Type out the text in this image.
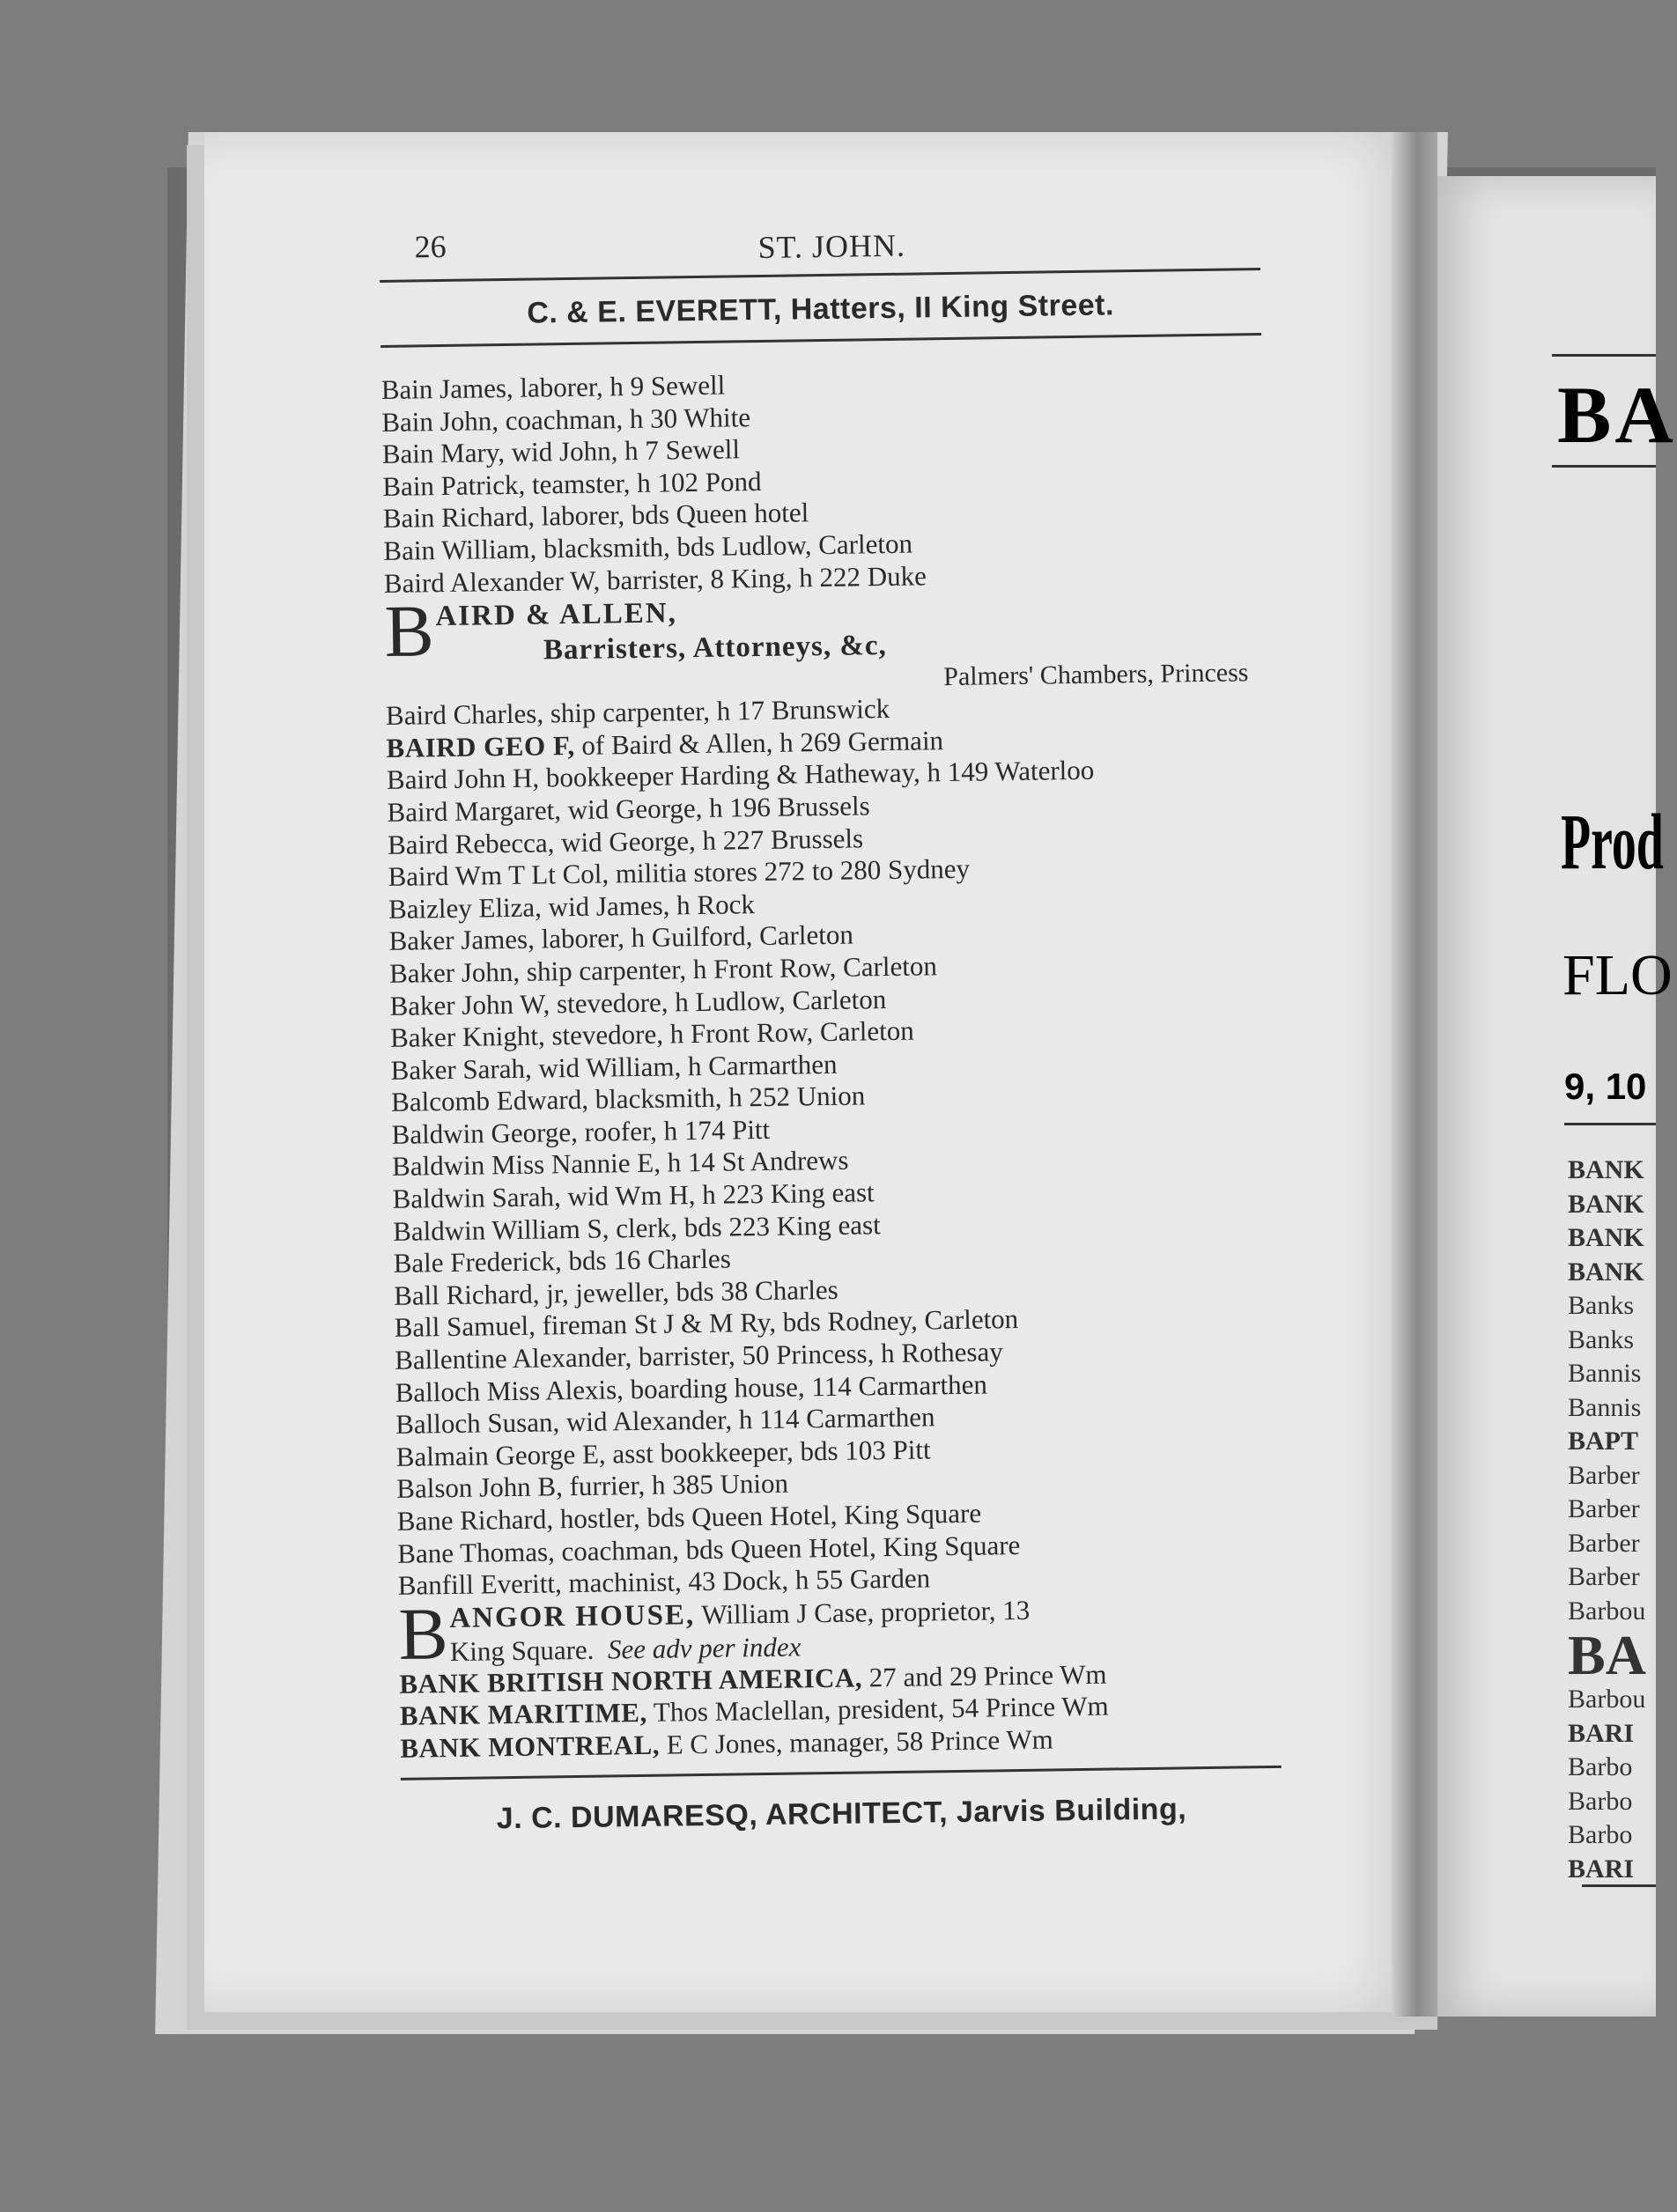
26	ST. JOHN.
C. & E. EVERETT, Hatters, II King Street.
Bain James, laborer, h 9 Sewell
Bain John, coachman, h 30 White
Bain Mary, wid John, h 7 Sewell
Bain Patrick, teamster, h 102 Pond
Bain Richard, laborer, bds Queen hotel
Bain William, blacksmith, bds Ludlow, Carleton
Baird Alexander W, barrister, 8 King, h 222 Duke
B AIRD & ALLEN,
Barristers, Attorneys, &c,
Palmers' Chambers, Princess
Baird Charles, ship carpenter, h 17 Brunswick
BAIRD GEO F, of Baird & Allen, h 269 Germain
Baird John H, bookkeeper Harding & Hatheway, h 149 Waterloo
Baird Margaret, wid George, h 196 Brussels
Baird Rebecca, wid George, h 227 Brussels
Baird Wm T Lt Col, militia stores 272 to 280 Sydney
Baizley Eliza, wid James, h Rock
Baker James, laborer, h Guilford, Carleton
Baker John, ship carpenter, h Front Row, Carleton
Baker John W, stevedore, h Ludlow, Carleton
Baker Knight, stevedore, h Front Row, Carleton
Baker Sarah, wid William, h Carmarthen
Balcomb Edward, blacksmith, h 252 Union
Baldwin George, roofer, h 174 Pitt
Baldwin Miss Nannie E, h 14 St Andrews
Baldwin Sarah, wid Wm H, h 223 King east
Baldwin William S, clerk, bds 223 King east
Bale Frederick, bds 16 Charles
Ball Richard, jr, jeweller, bds 38 Charles
Ball Samuel, fireman St J & M Ry, bds Rodney, Carleton
Ballentine Alexander, barrister, 50 Princess, h Rothesay
Balloch Miss Alexis, boarding house, 114 Carmarthen
Balloch Susan, wid Alexander, h 114 Carmarthen
Balmain George E, asst bookkeeper, bds 103 Pitt
Balson John B, furrier, h 385 Union
Bane Richard, hostler, bds Queen Hotel, King Square
Bane Thomas, coachman, bds Queen Hotel, King Square
Banfill Everitt, machinist, 43 Dock, h 55 Garden
B ANGOR HOUSE, William J Case, proprietor, 13
King Square. See adv per index
BANK BRITISH NORTH AMERICA, 27 and 29 Prince Wm
BANK MARITIME, Thos Maclellan, president, 54 Prince Wm
BANK MONTREAL, E C Jones, manager, 58 Prince Wm
J. C. DUMARESQ, ARCHITECT, Jarvis Building,
BA
Prod
FLO
9, 10
BANK
BANK
BANK
BANK
Banks
Banks
Bannis
Bannis
BAPT
Barber
Barber
Barber
Barber
Barbou
BA
Barbou
BARI
Barbo
Barbo
Barbo
BARI
